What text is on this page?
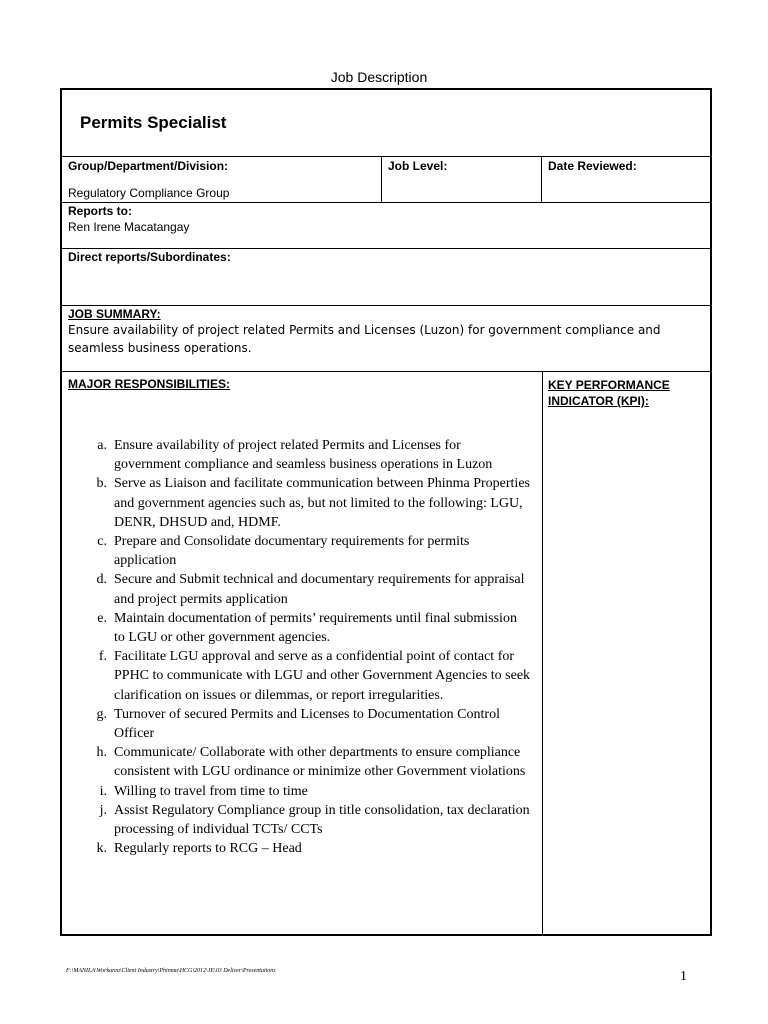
Job Description
Permits Specialist
Group/Department/Division:
Regulatory Compliance Group
Job Level:	Date Reviewed:
Reports to:
Ren Irene Macatangay
Direct reports/Subordinates:
JOB SUMMARY:
Ensure availability of project related Permits and Licenses (Luzon) for government compliance and seamless business operations.
MAJOR RESPONSIBILITIES:
a. Ensure availability of project related Permits and Licenses for government compliance and seamless business operations in Luzon
b. Serve as Liaison and facilitate communication between Phinma Properties and government agencies such as, but not limited to the following: LGU, DENR, DHSUD and, HDMF.
c. Prepare and Consolidate documentary requirements for permits application
d. Secure and Submit technical and documentary requirements for appraisal and project permits application
e. Maintain documentation of permits’ requirements until final submission to LGU or other government agencies.
f. Facilitate LGU approval and serve as a confidential point of contact for PPHC to communicate with LGU and other Government Agencies to seek clarification on issues or dilemmas, or report irregularities.
g. Turnover of secured Permits and Licenses to Documentation Control Officer
h. Communicate/ Collaborate with other departments to ensure compliance consistent with LGU ordinance or minimize other Government violations
i. Willing to travel from time to time
j. Assist Regulatory Compliance group in title consolidation, tax declaration processing of individual TCTs/ CCTs
k. Regularly reports to RCG – Head
KEY PERFORMANCE INDICATOR (KPI):
F:\MANILA\Workarea\Client Industry\Phinma\HCG\2012\JE\03 Deliver\Presentations	1
